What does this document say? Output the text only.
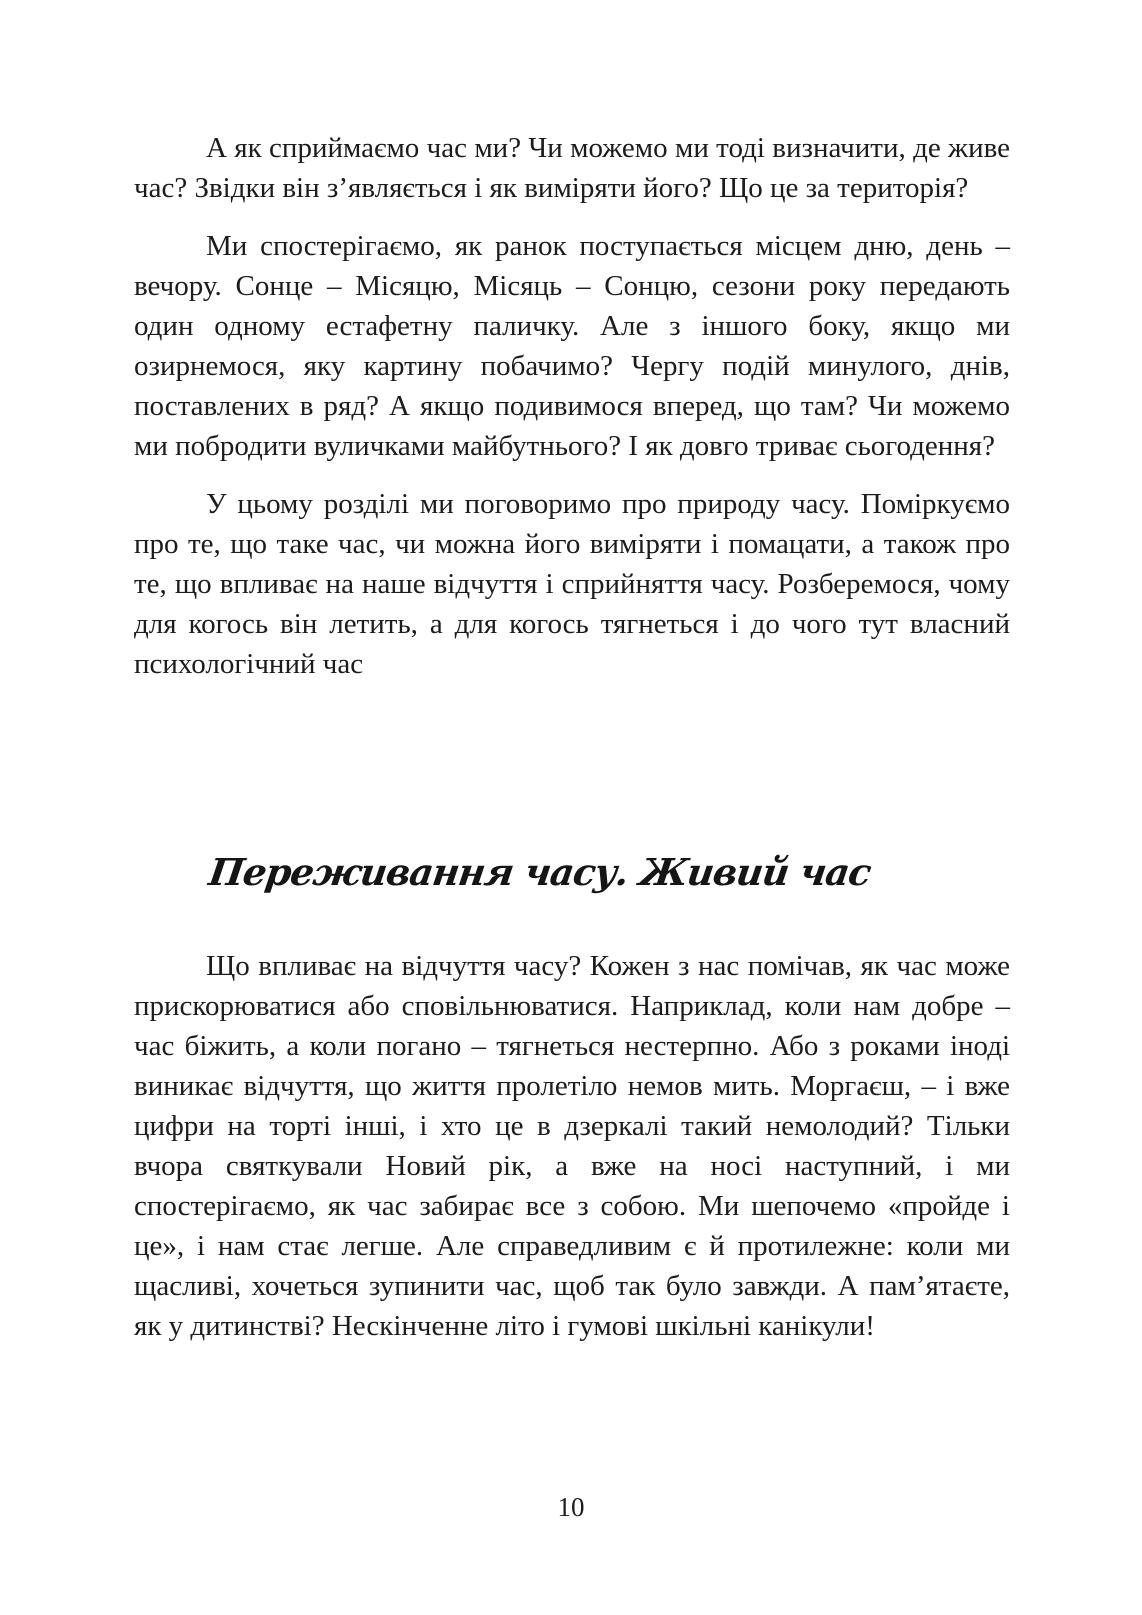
А як сприймаємо час ми? Чи можемо ми тоді визначити, де живе час? Звідки він з’являється і як виміряти його? Що це за територія?

Ми спостерігаємо, як ранок поступається місцем дню, день – вечору. Сонце – Місяцю, Місяць – Сонцю, сезони року передають один одному естафетну паличку. Але з іншого боку, якщо ми озирнемося, яку картину побачимо? Чергу подій минулого, днів, поставлених в ряд? А якщо подивимося вперед, що там? Чи можемо ми побродити вуличками майбутнього? І як довго триває сьогодення?

У цьому розділі ми поговоримо про природу часу. Поміркуємо про те, що таке час, чи можна його виміряти і помацати, а також про те, що впливає на наше відчуття і сприйняття часу. Розберемося, чому для когось він летить, а для когось тягнеться і до чого тут власний психологічний час

Переживання часу. Живий час

Що впливає на відчуття часу? Кожен з нас помічав, як час може прискорюватися або сповільнюватися. Наприклад, коли нам добре – час біжить, а коли погано – тягнеться нестерпно. Або з роками іноді виникає відчуття, що життя пролетіло немов мить. Моргаєш, – і вже цифри на торті інші, і хто це в дзеркалі такий немолодий? Тільки вчора святкували Новий рік, а вже на носі наступний, і ми спостерігаємо, як час забирає все з собою. Ми шепочемо «пройде і це», і нам стає легше. Але справедливим є й протилежне: коли ми щасливі, хочеться зупинити час, щоб так було завжди. А пам’ятаєте, як у дитинстві? Нескінченне літо і гумові шкільні канікули!

10
